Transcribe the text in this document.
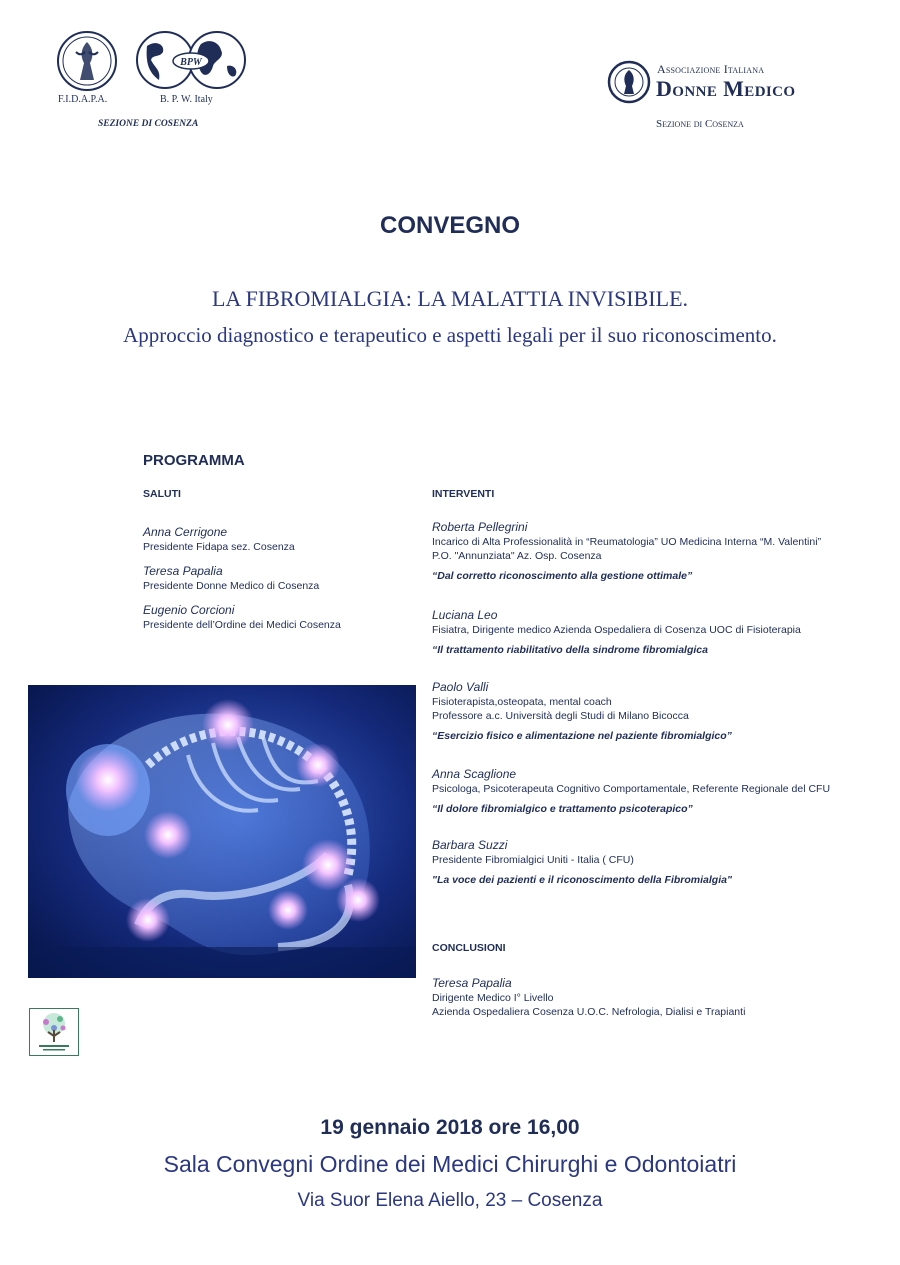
BPW
F.I.D.A.P.A.	B. P. W. Italy
SEZIONE DI COSENZA
Associazione Italiana
Donne Medico
Sezione di Cosenza
CONVEGNO
LA FIBROMIALGIA: LA MALATTIA INVISIBILE.
Approccio diagnostico e terapeutico e aspetti legali per il suo riconoscimento.
PROGRAMMA
SALUTI
Anna Cerrigone
Presidente Fidapa sez. Cosenza
Teresa Papalia
Presidente Donne Medico di Cosenza
Eugenio Corcioni
Presidente dell’Ordine dei Medici Cosenza
INTERVENTI
Roberta Pellegrini
Incarico di Alta Professionalità in “Reumatologia” UO Medicina Interna “M. Valentini”
P.O. "Annunziata" Az. Osp. Cosenza
“Dal corretto riconoscimento alla gestione ottimale”
Luciana Leo
Fisiatra, Dirigente medico Azienda Ospedaliera di Cosenza UOC di Fisioterapia
“Il trattamento riabilitativo della sindrome fibromialgica
Paolo Valli
Fisioterapista,osteopata, mental coach
Professore a.c. Università degli Studi di Milano Bicocca
“Esercizio fisico e alimentazione nel paziente fibromialgico”
Anna Scaglione
Psicologa, Psicoterapeuta Cognitivo Comportamentale, Referente Regionale del CFU
“Il dolore fibromialgico e trattamento psicoterapico”
Barbara Suzzi
Presidente Fibromialgici Uniti - Italia ( CFU)
"La voce dei pazienti e il riconoscimento della Fibromialgia"
CONCLUSIONI
Teresa Papalia
Dirigente Medico I° Livello
Azienda Ospedaliera Cosenza U.O.C. Nefrologia, Dialisi e Trapianti
19 gennaio 2018 ore 16,00
Sala Convegni Ordine dei Medici Chirurghi e Odontoiatri
Via Suor Elena Aiello, 23 – Cosenza
